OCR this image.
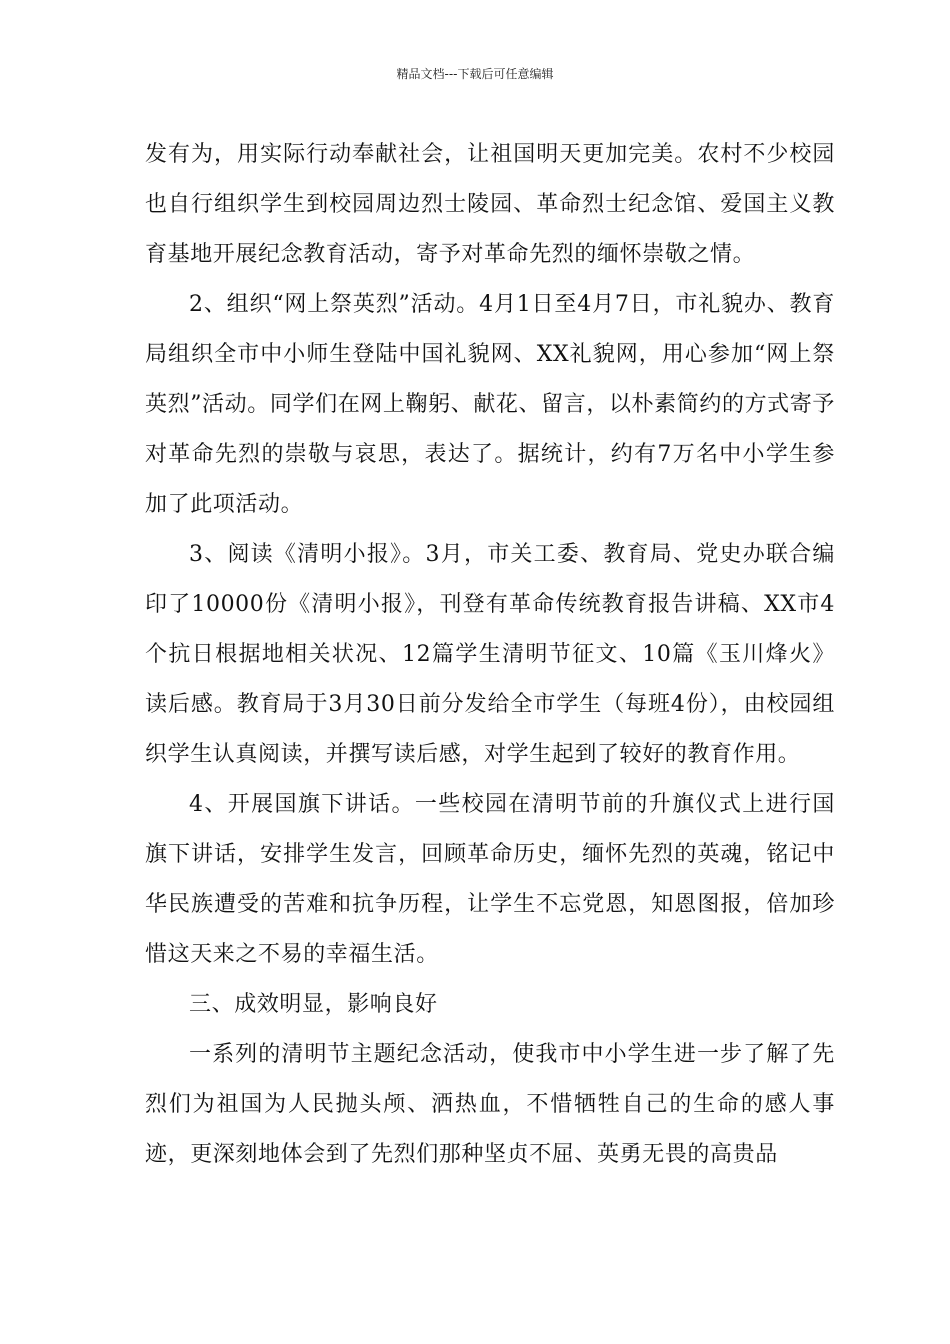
精品文档---下载后可任意编辑

发有为，用实际行动奉献社会，让祖国明天更加完美。农村不少校园也自行组织学生到校园周边烈士陵园、革命烈士纪念馆、爱国主义教育基地开展纪念教育活动，寄予对革命先烈的缅怀崇敬之情。

2、组织“网上祭英烈”活动。4月1日至4月7日，市礼貌办、教育局组织全市中小师生登陆中国礼貌网、XX礼貌网，用心参加“网上祭英烈”活动。同学们在网上鞠躬、献花、留言，以朴素简约的方式寄予对革命先烈的崇敬与哀思，表达了。据统计，约有7万名中小学生参加了此项活动。

3、阅读《清明小报》。3月，市关工委、教育局、党史办联合编印了10000份《清明小报》，刊登有革命传统教育报告讲稿、XX市4个抗日根据地相关状况、12篇学生清明节征文、10篇《玉川烽火》读后感。教育局于3月30日前分发给全市学生（每班4份），由校园组织学生认真阅读，并撰写读后感，对学生起到了较好的教育作用。

4、开展国旗下讲话。一些校园在清明节前的升旗仪式上进行国旗下讲话，安排学生发言，回顾革命历史，缅怀先烈的英魂，铭记中华民族遭受的苦难和抗争历程，让学生不忘党恩，知恩图报，倍加珍惜这天来之不易的幸福生活。

三、成效明显，影响良好

一系列的清明节主题纪念活动，使我市中小学生进一步了解了先烈们为祖国为人民抛头颅、洒热血，不惜牺牲自己的生命的感人事迹，更深刻地体会到了先烈们那种坚贞不屈、英勇无畏的高贵品
